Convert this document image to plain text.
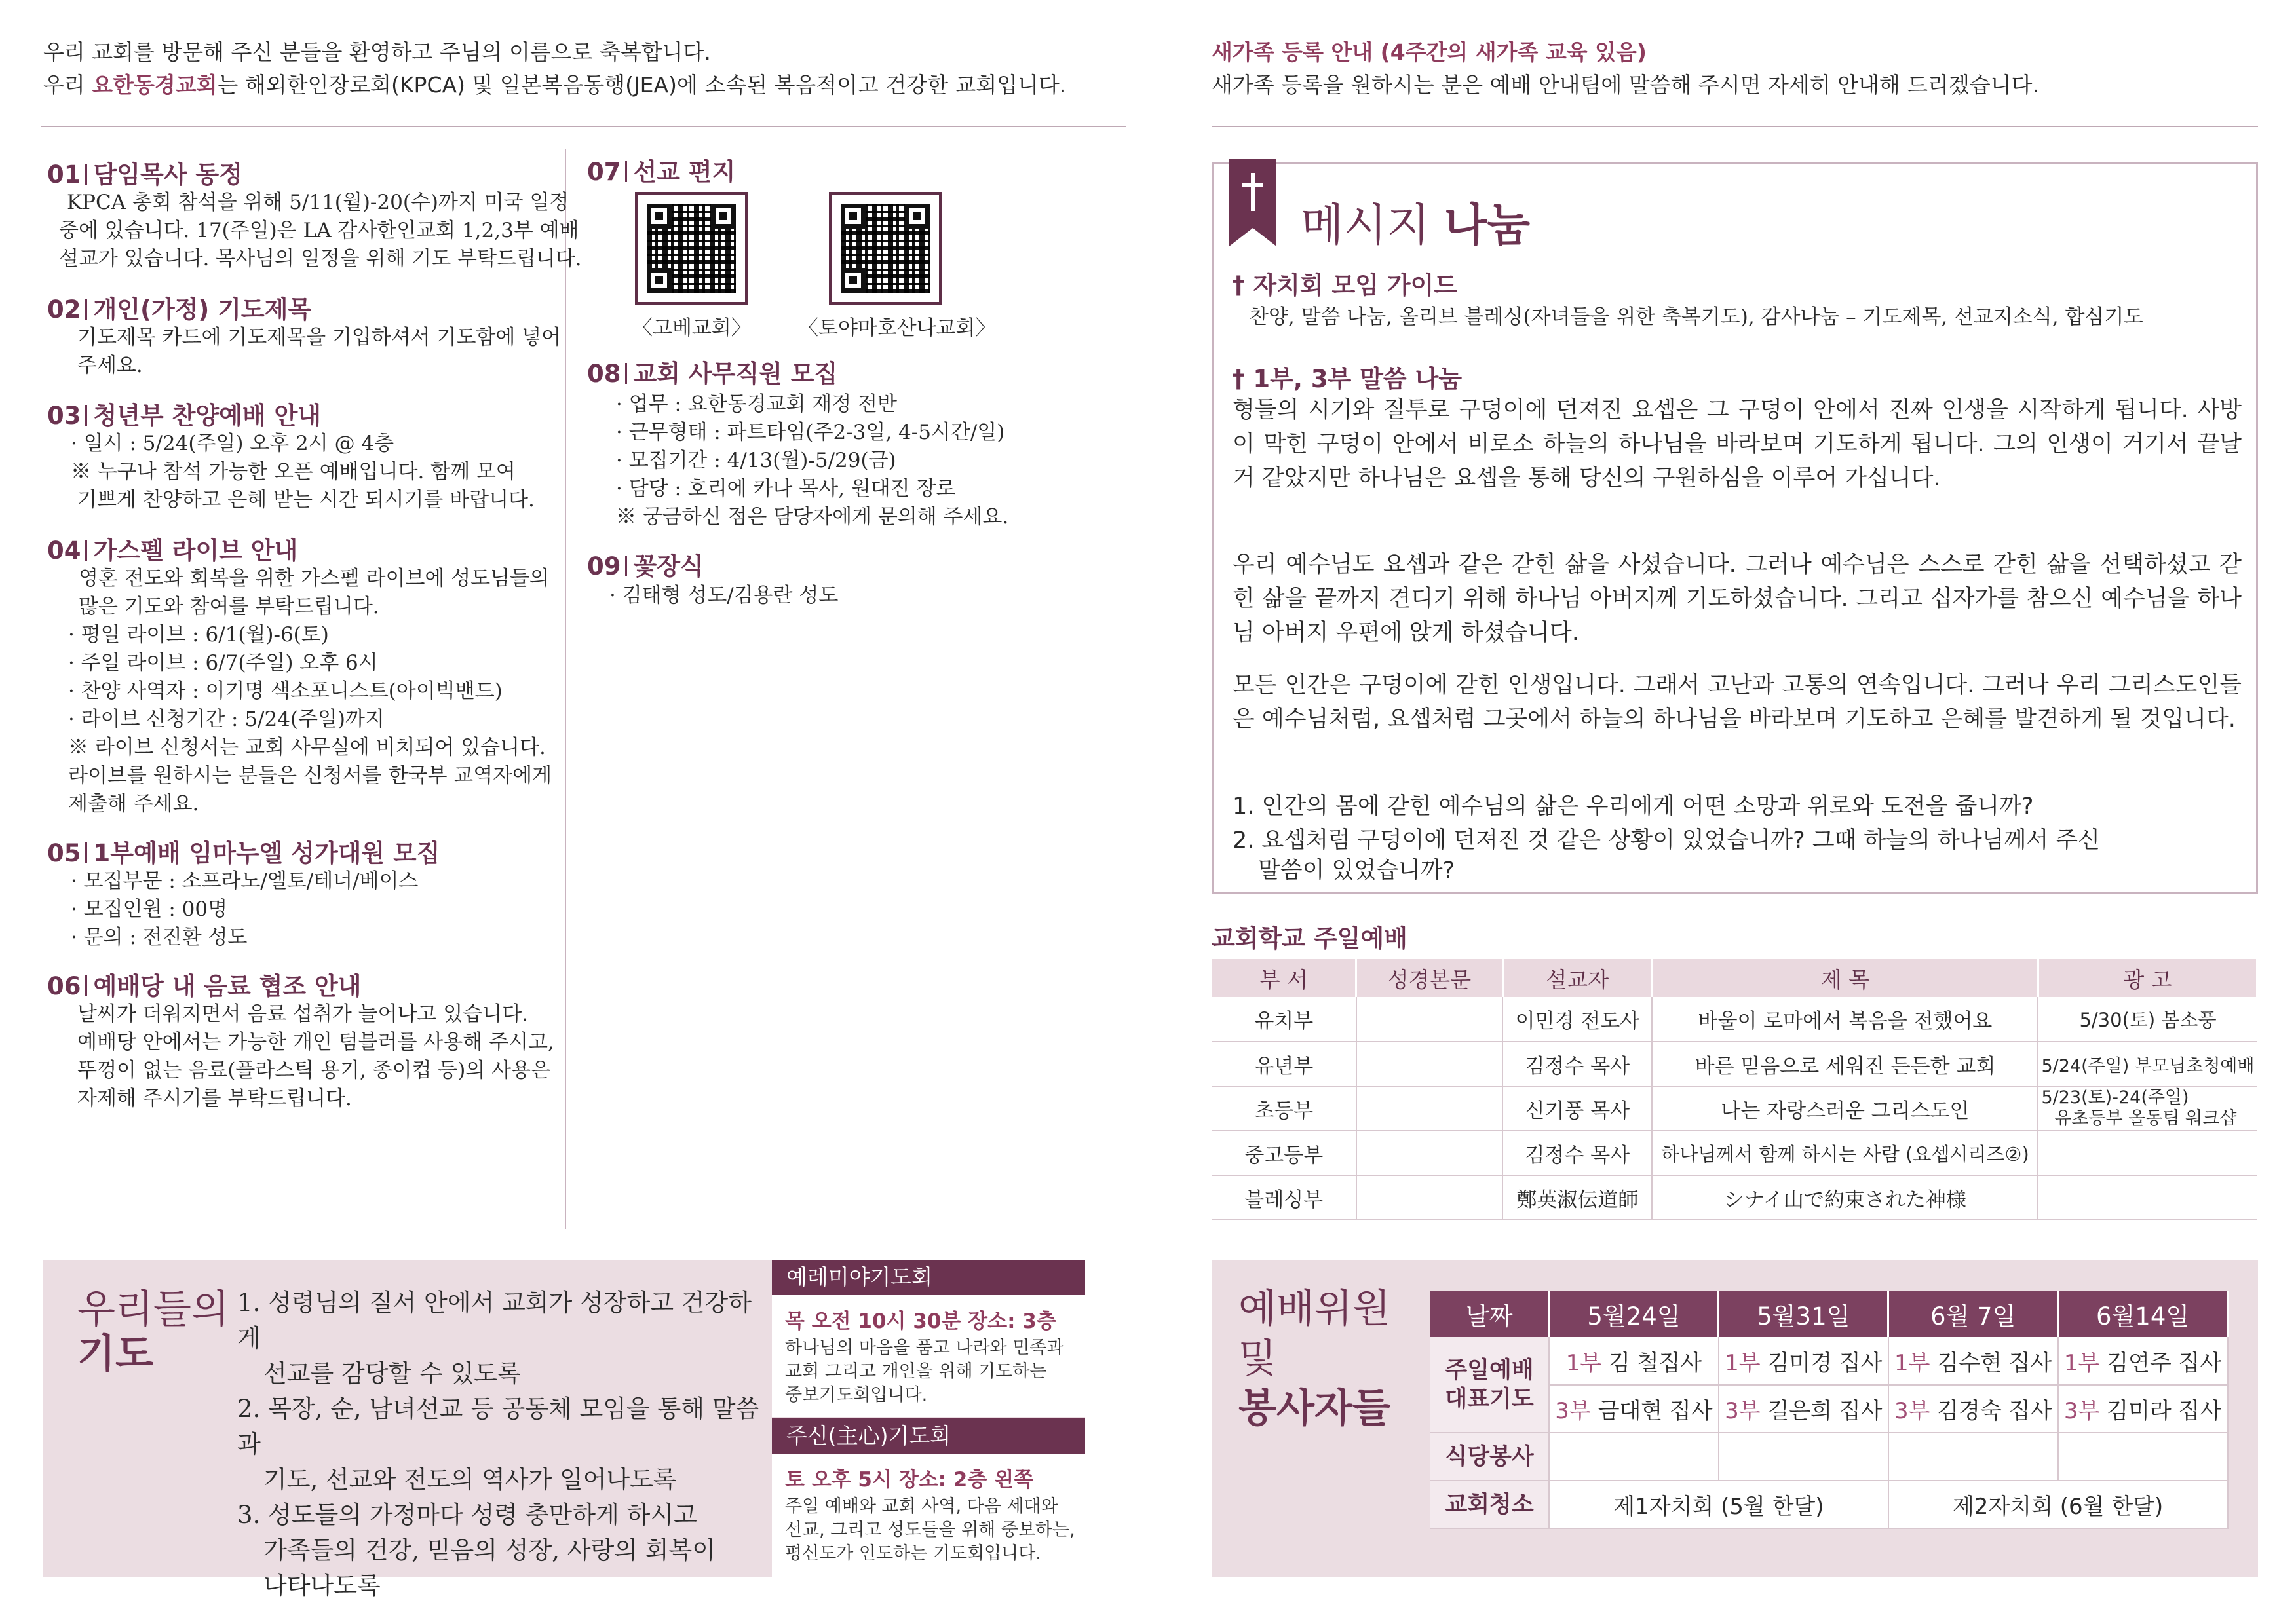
우리 교회를 방문해 주신 분들을 환영하고 주님의 이름으로 축복합니다.
우리 요한동경교회는 해외한인장로회(KPCA) 및 일본복음동행(JEA)에 소속된 복음적이고 건강한 교회입니다.
새가족 등록 안내 (4주간의 새가족 교육 있음)
새가족 등록을 원하시는 분은 예배 안내팀에 말씀해 주시면 자세히 안내해 드리겠습니다.
01 담임목사 동정
KPCA 총회 참석을 위해 5/11(월)-20(수)까지 미국 일정
중에 있습니다. 17(주일)은 LA 감사한인교회 1,2,3부 예배
설교가 있습니다. 목사님의 일정을 위해 기도 부탁드립니다.
02 개인(가정) 기도제목
기도제목 카드에 기도제목을 기입하셔서 기도함에 넣어
주세요.
03 청년부 찬양예배 안내
· 일시 : 5/24(주일) 오후 2시 @ 4층
※ 누구나 참석 가능한 오픈 예배입니다. 함께 모여
기쁘게 찬양하고 은혜 받는 시간 되시기를 바랍니다.
04 가스펠 라이브 안내
영혼 전도와 회복을 위한 가스펠 라이브에 성도님들의
많은 기도와 참여를 부탁드립니다.
· 평일 라이브 : 6/1(월)-6(토)
· 주일 라이브 : 6/7(주일) 오후 6시
· 찬양 사역자 : 이기명 색소포니스트(아이빅밴드)
· 라이브 신청기간 : 5/24(주일)까지
※ 라이브 신청서는 교회 사무실에 비치되어 있습니다.
라이브를 원하시는 분들은 신청서를 한국부 교역자에게
제출해 주세요.
05 1부예배 임마누엘 성가대원 모집
· 모집부문 : 소프라노/엘토/테너/베이스
· 모집인원 : 00명
· 문의 : 전진환 성도
06 예배당 내 음료 협조 안내
날씨가 더워지면서 음료 섭취가 늘어나고 있습니다.
예배당 안에서는 가능한 개인 텀블러를 사용해 주시고,
뚜껑이 없는 음료(플라스틱 용기, 종이컵 등)의 사용은
자제해 주시기를 부탁드립니다.
07 선교 편지
〈고베교회〉 〈토야마호산나교회〉
08 교회 사무직원 모집
· 업무 : 요한동경교회 재정 전반
· 근무형태 : 파트타임(주2-3일, 4-5시간/일)
· 모집기간 : 4/13(월)-5/29(금)
· 담당 : 호리에 카나 목사, 원대진 장로
※ 궁금하신 점은 담당자에게 문의해 주세요.
09 꽃장식
· 김태형 성도/김용란 성도
메시지 나눔
† 자치회 모임 가이드
찬양, 말씀 나눔, 올리브 블레싱(자녀들을 위한 축복기도), 감사나눔 – 기도제목, 선교지소식, 합심기도
† 1부, 3부 말씀 나눔
형들의 시기와 질투로 구덩이에 던져진 요셉은 그 구덩이 안에서 진짜 인생을 시작하게 됩니다. 사방이 막힌 구덩이 안에서 비로소 하늘의 하나님을 바라보며 기도하게 됩니다. 그의 인생이 거기서 끝날 거 같았지만 하나님은 요셉을 통해 당신의 구원하심을 이루어 가십니다.
우리 예수님도 요셉과 같은 갇힌 삶을 사셨습니다. 그러나 예수님은 스스로 갇힌 삶을 선택하셨고 갇힌 삶을 끝까지 견디기 위해 하나님 아버지께 기도하셨습니다. 그리고 십자가를 참으신 예수님을 하나님 아버지 우편에 앉게 하셨습니다.
모든 인간은 구덩이에 갇힌 인생입니다. 그래서 고난과 고통의 연속입니다. 그러나 우리 그리스도인들은 예수님처럼, 요셉처럼 그곳에서 하늘의 하나님을 바라보며 기도하고 은혜를 발견하게 될 것입니다.
1. 인간의 몸에 갇힌 예수님의 삶은 우리에게 어떤 소망과 위로와 도전을 줍니까?
2. 요셉처럼 구덩이에 던져진 것 같은 상황이 있었습니까? 그때 하늘의 하나님께서 주신
말씀이 있었습니까?
교회학교 주일예배
부 서	성경본문	설교자	제 목	광 고
유치부		이민경 전도사	바울이 로마에서 복음을 전했어요	5/30(토) 봄소풍
유년부		김정수 목사	바른 믿음으로 세워진 든든한 교회	5/24(주일) 부모님초청예배
초등부		신기풍 목사	나는 자랑스러운 그리스도인	5/23(토)-24(주일)
유초등부 올동팀 워크샵

중고등부		김정수 목사	하나님께서 함께 하시는 사람 (요셉시리즈②)	
블레싱부		鄭英淑伝道師	シナイ山で約束された神様	
우리들의
기도
1. 성령님의 질서 안에서 교회가 성장하고 건강하게
선교를 감당할 수 있도록
2. 목장, 순, 남녀선교 등 공동체 모임을 통해 말씀과
기도, 선교와 전도의 역사가 일어나도록
3. 성도들의 가정마다 성령 충만하게 하시고
가족들의 건강, 믿음의 성장, 사랑의 회복이
나타나도록
예레미야기도회
목 오전 10시 30분 장소: 3층
하나님의 마음을 품고 나라와 민족과
교회 그리고 개인을 위해 기도하는
중보기도회입니다.
주신(主心)기도회
토 오후 5시 장소: 2층 왼쪽
주일 예배와 교회 사역, 다음 세대와
선교, 그리고 성도들을 위해 중보하는,
평신도가 인도하는 기도회입니다.
예배위원
및
봉사자들
날짜	5월24일	5월31일	6월 7일	6월14일

주일예배
대표기도	1부 김 철집사	1부 김미경 집사	1부 김수현 집사	1부 김연주 집사
	3부 금대현 집사	3부 길은희 집사	3부 김경숙 집사	3부 김미라 집사
식당봉사				
교회청소	제1자치회 (5월 한달)		제2자치회 (6월 한달)	
